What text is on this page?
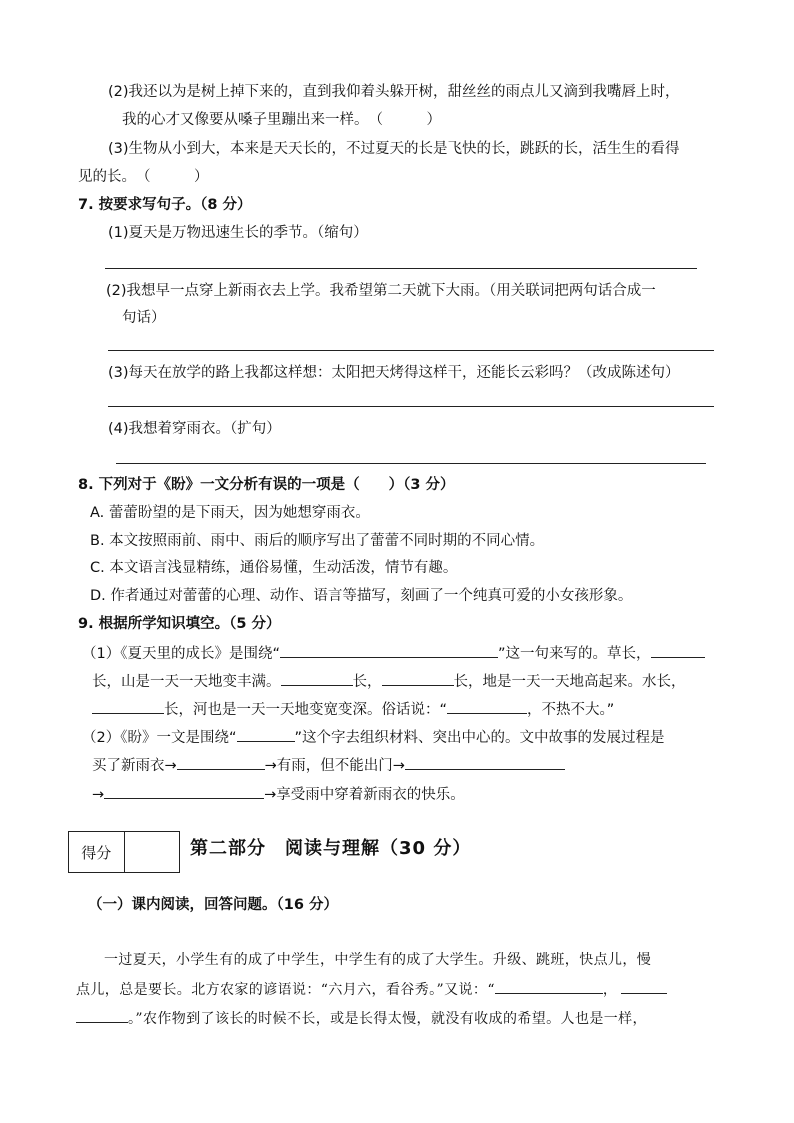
(2)我还以为是树上掉下来的，直到我仰着头躲开树，甜丝丝的雨点儿又滴到我嘴唇上时，
我的心才又像要从嗓子里蹦出来一样。　（　　　）
(3)生物从小到大，本来是天天长的，不过夏天的长是飞快的长，跳跃的长，活生生的看得
见的长。　（　　　）
7. 按要求写句子。（8 分）
(1)夏天是万物迅速生长的季节。（缩句）
(2)我想早一点穿上新雨衣去上学。我希望第二天就下大雨。（用关联词把两句话合成一
句话）
(3)每天在放学的路上我都这样想：太阳把天烤得这样干，还能长云彩吗？（改成陈述句）
(4)我想着穿雨衣。（扩句）
8. 下列对于《盼》一文分析有误的一项是（　　）（3 分）
A. 蕾蕾盼望的是下雨天，因为她想穿雨衣。
B. 本文按照雨前、雨中、雨后的顺序写出了蕾蕾不同时期的不同心情。
C. 本文语言浅显精练，通俗易懂，生动活泼，情节有趣。
D. 作者通过对蕾蕾的心理、动作、语言等描写，刻画了一个纯真可爱的小女孩形象。
9. 根据所学知识填空。（5 分）
（1）《夏天里的成长》是围绕“	”这一句来写的。草长，
长，山是一天一天地变丰满。	长，	长，地是一天一天地高起来。水长，
长，河也是一天一天地变宽变深。俗话说：“	，不热不大。”
（2）《盼》一文是围绕“	”这个字去组织材料、突出中心的。文中故事的发展过程是
买了新雨衣→	→有雨，但不能出门→
→	→享受雨中穿着新雨衣的快乐。
得分	第二部分　阅读与理解（30 分）
（一）课内阅读，回答问题。（16 分）
一过夏天，小学生有的成了中学生，中学生有的成了大学生。升级、跳班，快点儿，慢
点儿，总是要长。北方农家的谚语说：“六月六，看谷秀。”又说：“	，
。”农作物到了该长的时候不长，或是长得太慢，就没有收成的希望。人也是一样，
